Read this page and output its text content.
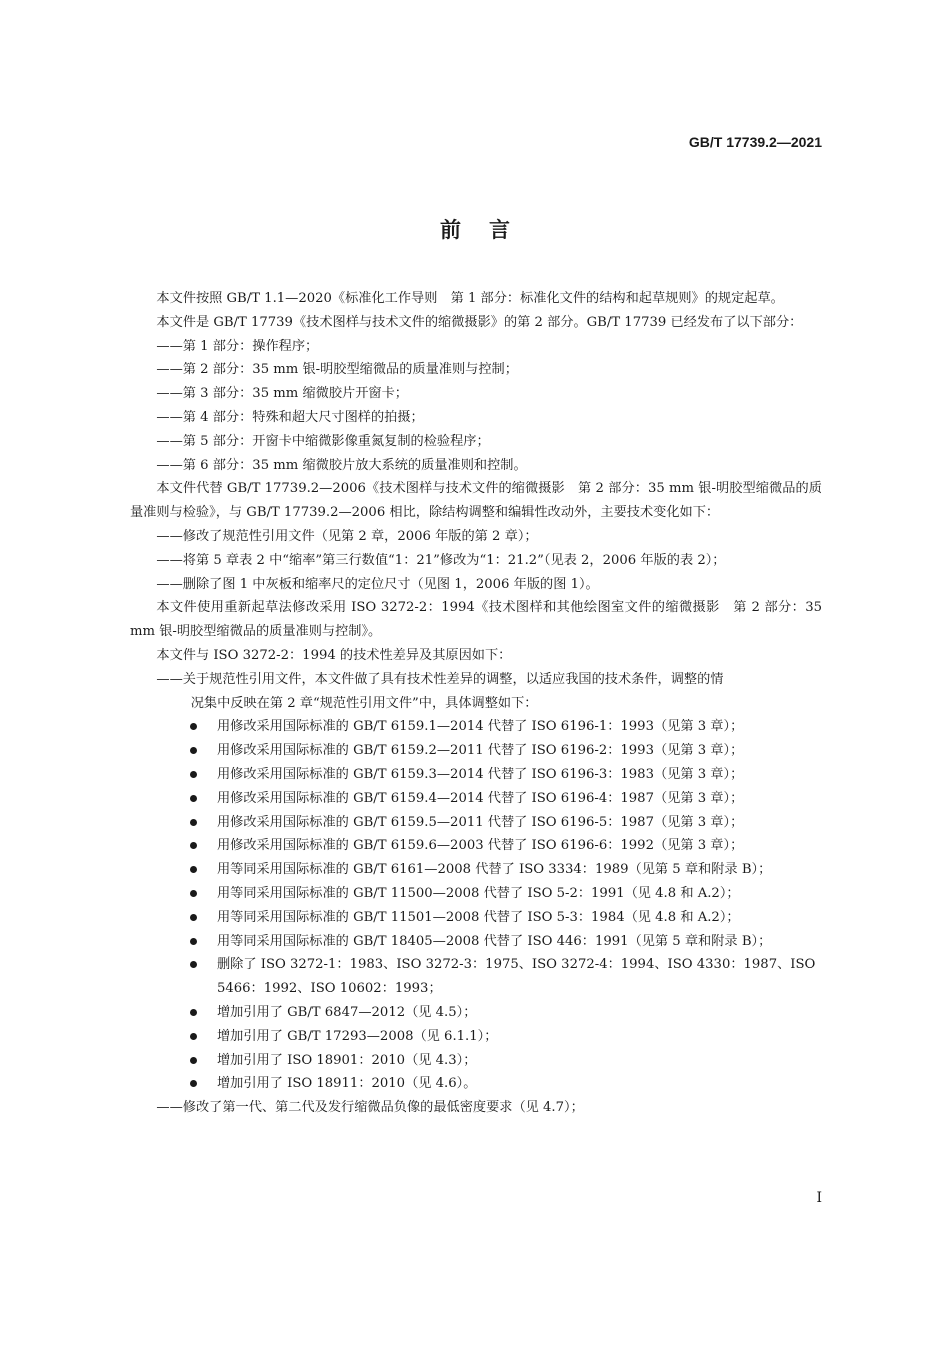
GB/T 17739.2—2021
前言

本文件按照 GB/T 1.1—2020《标准化工作导则　第 1 部分：标准化文件的结构和起草规则》的规定起草。

本文件是 GB/T 17739《技术图样与技术文件的缩微摄影》的第 2 部分。GB/T 17739 已经发布了以下部分：

——第 1 部分：操作程序；

——第 2 部分：35 mm 银-明胶型缩微品的质量准则与控制；

——第 3 部分：35 mm 缩微胶片开窗卡；

——第 4 部分：特殊和超大尺寸图样的拍摄；

——第 5 部分：开窗卡中缩微影像重氮复制的检验程序；

——第 6 部分：35 mm 缩微胶片放大系统的质量准则和控制。

本文件代替 GB/T 17739.2—2006《技术图样与技术文件的缩微摄影　第 2 部分：35 mm 银-明胶型缩微品的质量准则与检验》，与 GB/T 17739.2—2006 相比，除结构调整和编辑性改动外，主要技术变化如下：

——修改了规范性引用文件（见第 2 章，2006 年版的第 2 章）；

——将第 5 章表 2 中“缩率”第三行数值“1：21”修改为“1：21.2”（见表 2，2006 年版的表 2）；

——删除了图 1 中灰板和缩率尺的定位尺寸（见图 1，2006 年版的图 1）。

本文件使用重新起草法修改采用 ISO 3272-2：1994《技术图样和其他绘图室文件的缩微摄影　第 2 部分：35 mm 银-明胶型缩微品的质量准则与控制》。

本文件与 ISO 3272-2：1994 的技术性差异及其原因如下：

——关于规范性引用文件，本文件做了具有技术性差异的调整，以适应我国的技术条件，调整的情

况集中反映在第 2 章“规范性引用文件”中，具体调整如下：

用修改采用国际标准的 GB/T 6159.1—2014 代替了 ISO 6196-1：1993（见第 3 章）；
用修改采用国际标准的 GB/T 6159.2—2011 代替了 ISO 6196-2：1993（见第 3 章）；
用修改采用国际标准的 GB/T 6159.3—2014 代替了 ISO 6196-3：1983（见第 3 章）；
用修改采用国际标准的 GB/T 6159.4—2014 代替了 ISO 6196-4：1987（见第 3 章）；
用修改采用国际标准的 GB/T 6159.5—2011 代替了 ISO 6196-5：1987（见第 3 章）；
用修改采用国际标准的 GB/T 6159.6—2003 代替了 ISO 6196-6：1992（见第 3 章）；
用等同采用国际标准的 GB/T 6161—2008 代替了 ISO 3334：1989（见第 5 章和附录 B）；
用等同采用国际标准的 GB/T 11500—2008 代替了 ISO 5-2：1991（见 4.8 和 A.2）；
用等同采用国际标准的 GB/T 11501—2008 代替了 ISO 5-3：1984（见 4.8 和 A.2）；
用等同采用国际标准的 GB/T 18405—2008 代替了 ISO 446：1991（见第 5 章和附录 B）；
删除了 ISO 3272-1：1983、ISO 3272-3：1975、ISO 3272-4：1994、ISO 4330：1987、ISO 5466：1992、ISO 10602：1993；
增加引用了 GB/T 6847—2012（见 4.5）；
增加引用了 GB/T 17293—2008（见 6.1.1）；
增加引用了 ISO 18901：2010（见 4.3）；
增加引用了 ISO 18911：2010（见 4.6）。

——修改了第一代、第二代及发行缩微品负像的最低密度要求（见 4.7）；

I
